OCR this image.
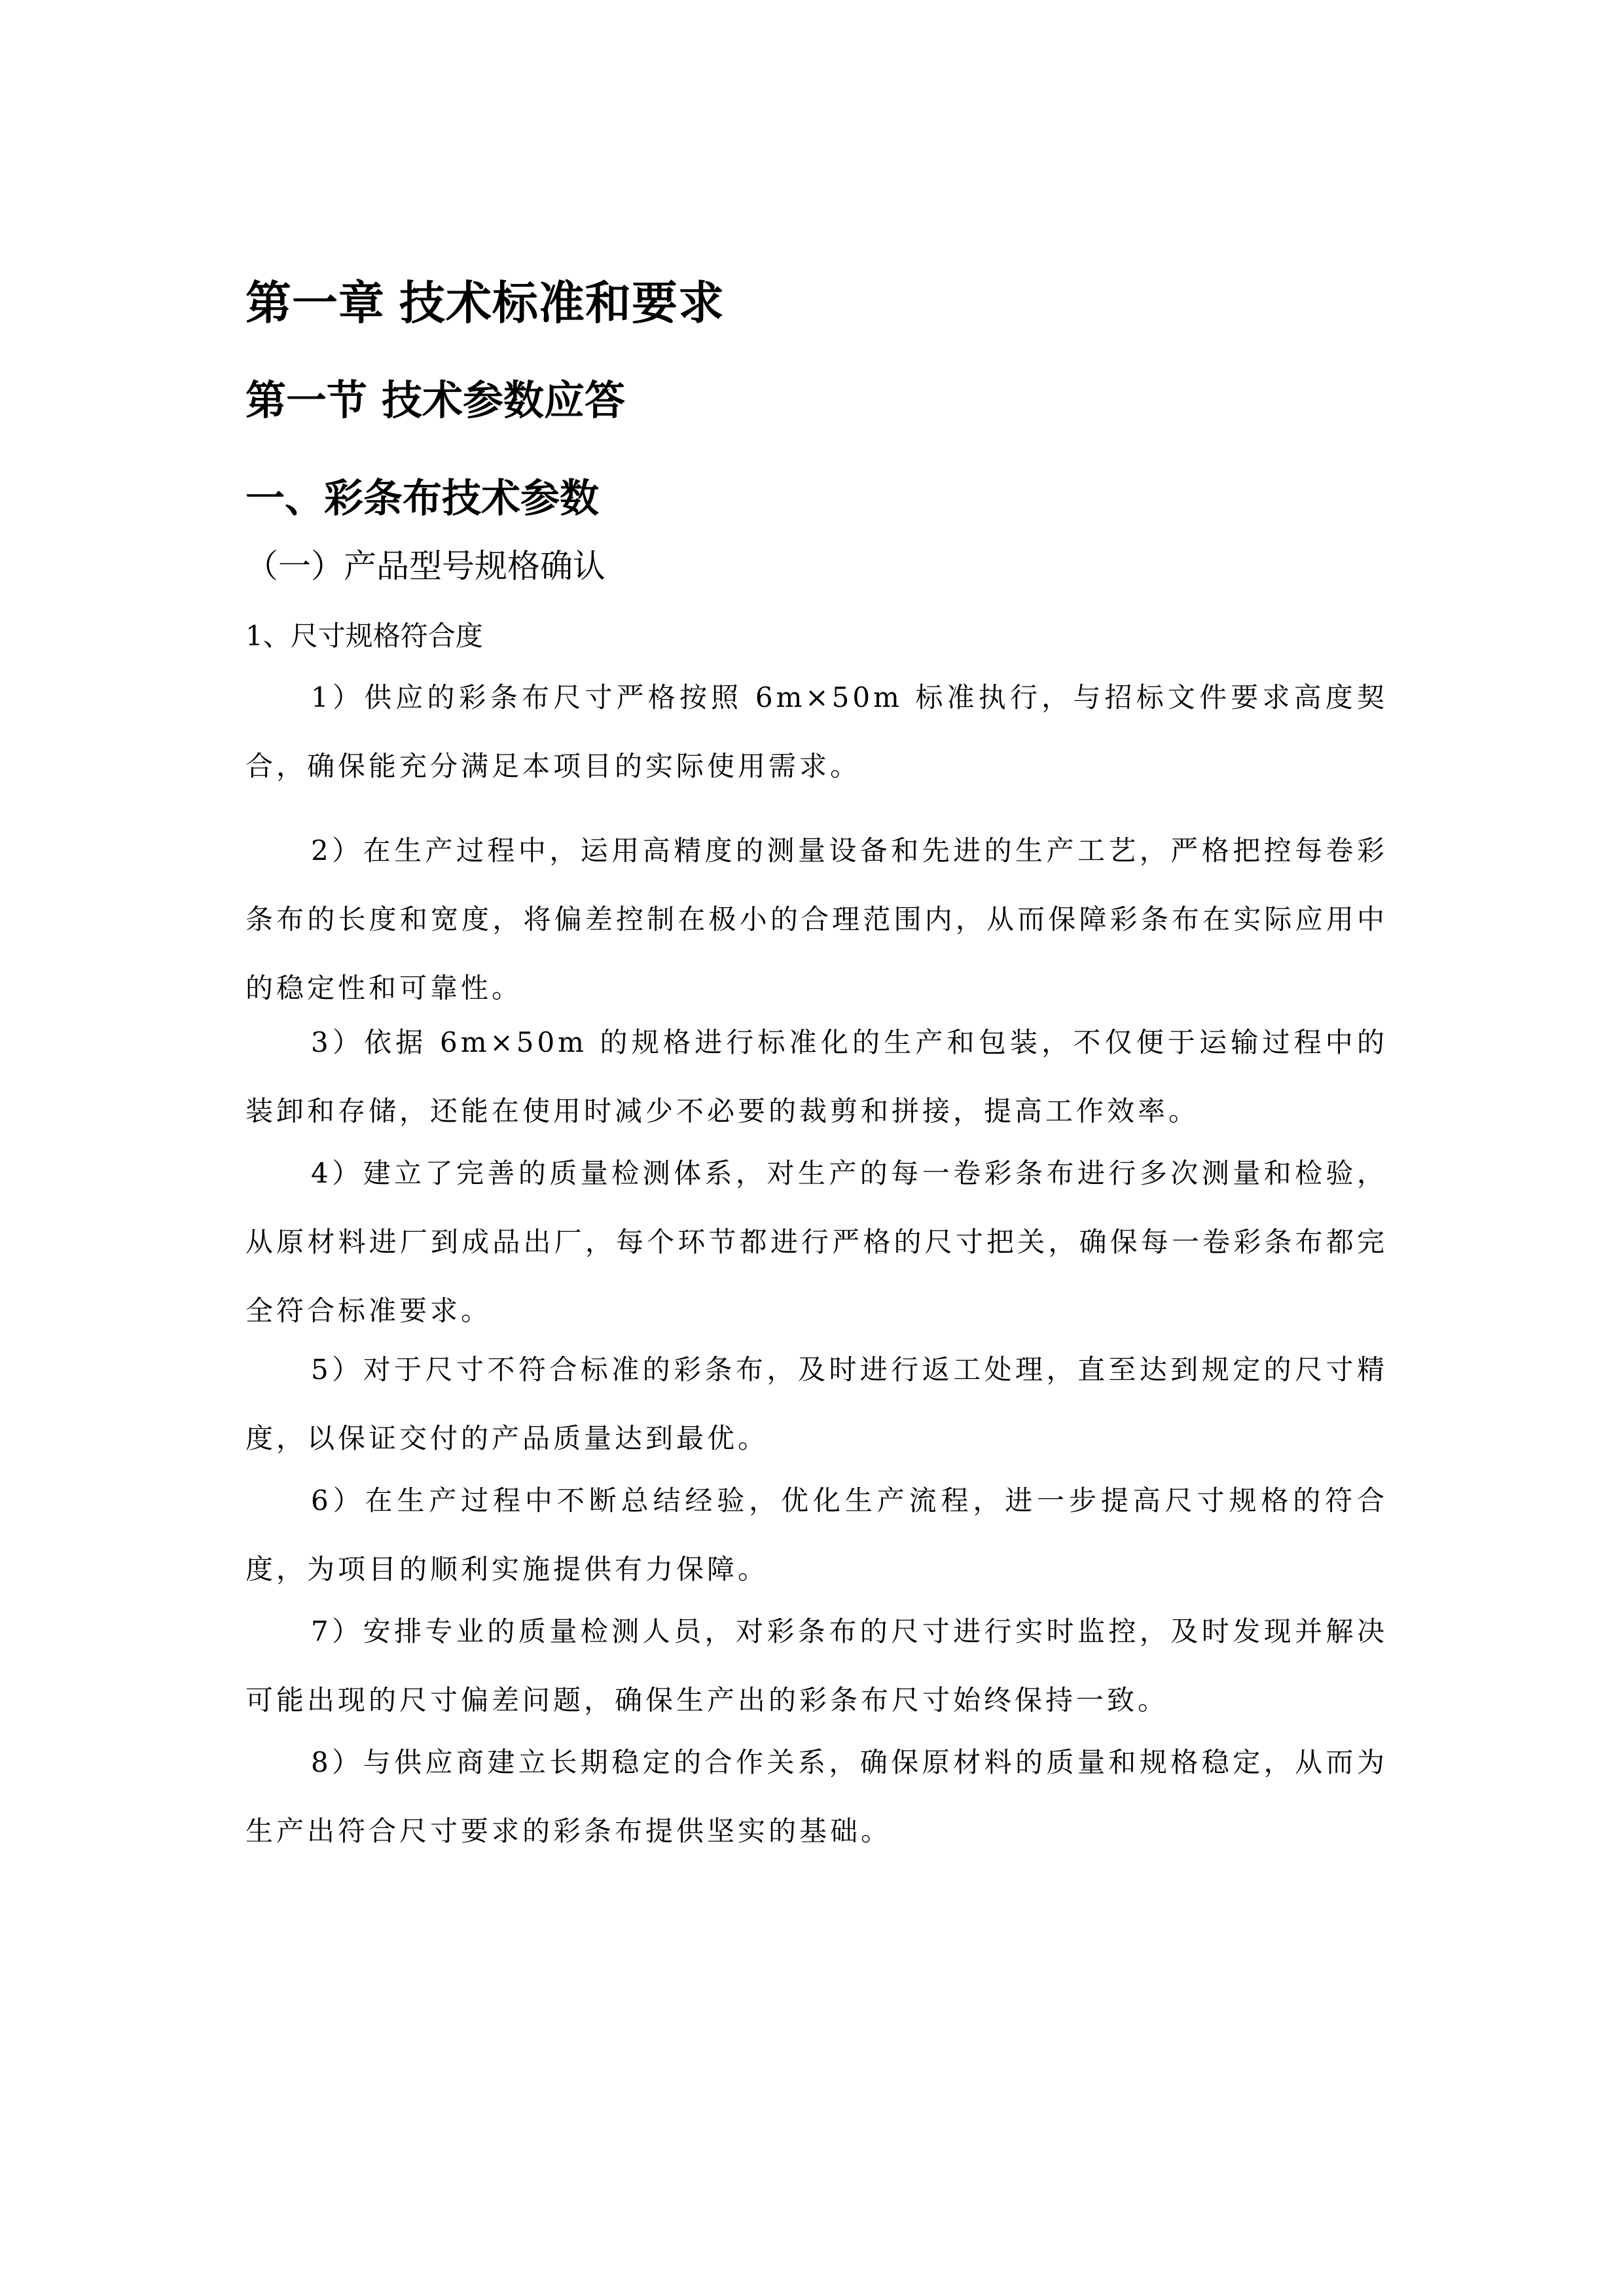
第一章 技术标准和要求
第一节 技术参数应答
一、彩条布技术参数
（一）产品型号规格确认
1、尺寸规格符合度

1）供应的彩条布尺寸严格按照 6m×50m 标准执行，与招标文件要求高度契合，确保能充分满足本项目的实际使用需求。

2）在生产过程中，运用高精度的测量设备和先进的生产工艺，严格把控每卷彩条布的长度和宽度，将偏差控制在极小的合理范围内，从而保障彩条布在实际应用中的稳定性和可靠性。

3）依据 6m×50m 的规格进行标准化的生产和包装，不仅便于运输过程中的装卸和存储，还能在使用时减少不必要的裁剪和拼接，提高工作效率。

4）建立了完善的质量检测体系，对生产的每一卷彩条布进行多次测量和检验，从原材料进厂到成品出厂，每个环节都进行严格的尺寸把关，确保每一卷彩条布都完全符合标准要求。

5）对于尺寸不符合标准的彩条布，及时进行返工处理，直至达到规定的尺寸精度，以保证交付的产品质量达到最优。

6）在生产过程中不断总结经验，优化生产流程，进一步提高尺寸规格的符合度，为项目的顺利实施提供有力保障。

7）安排专业的质量检测人员，对彩条布的尺寸进行实时监控，及时发现并解决可能出现的尺寸偏差问题，确保生产出的彩条布尺寸始终保持一致。

8）与供应商建立长期稳定的合作关系，确保原材料的质量和规格稳定，从而为生产出符合尺寸要求的彩条布提供坚实的基础。
